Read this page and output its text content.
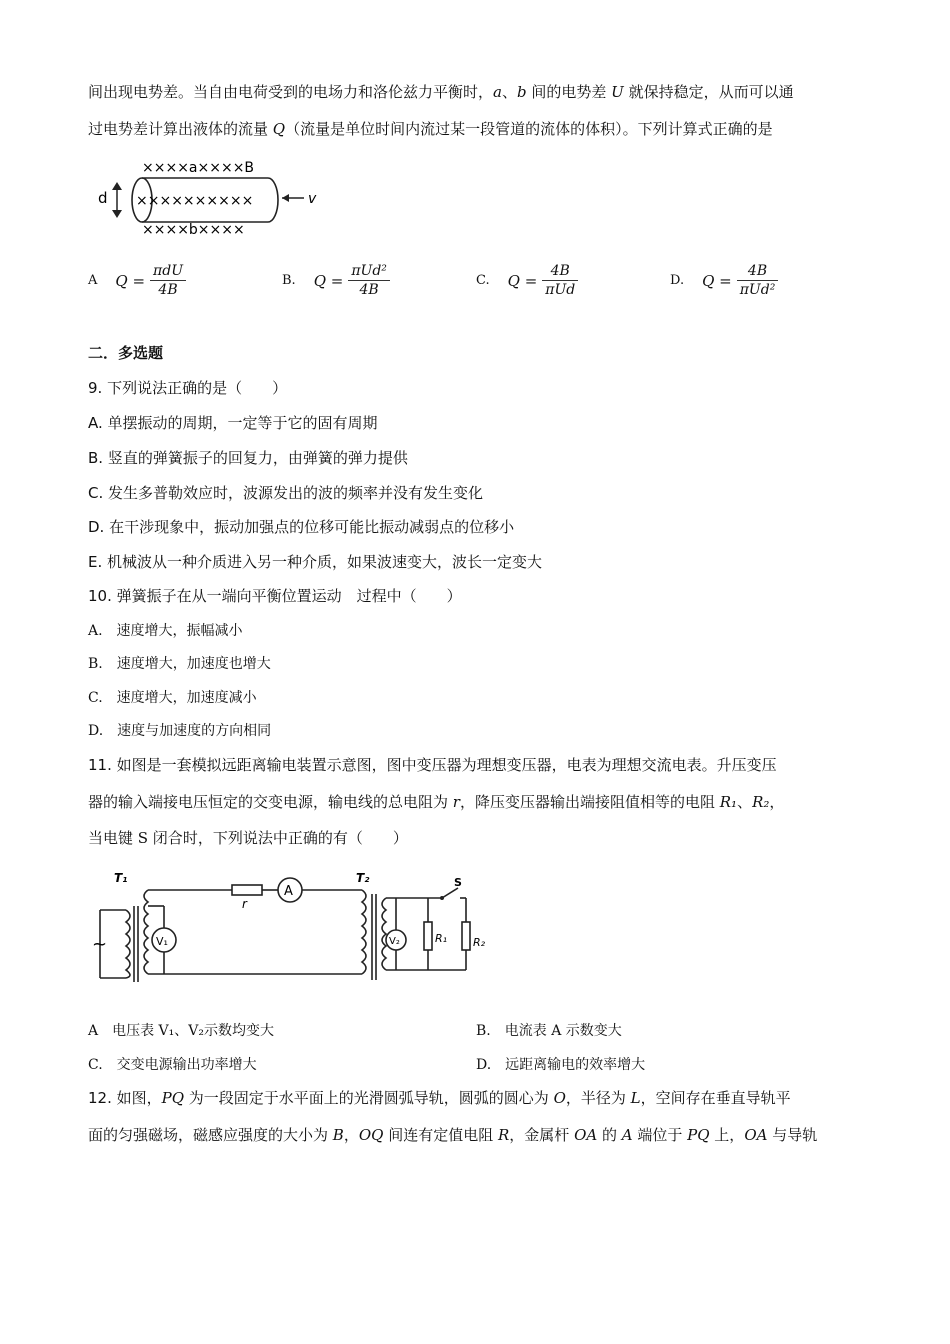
间出现电势差。当自由电荷受到的电场力和洛伦兹力平衡时，a、b 间的电势差 U 就保持稳定，从而可以通
过电势差计算出液体的流量 Q（流量是单位时间内流过某一段管道的流体的体积）。下列计算式正确的是
××××a××××B
d ××××××××××	v
××××b××××
A $Q = \frac{\text{πdU}}{4B}$	B. $Q = \frac{\text{πUd²}}{4B}$	C. $Q = \frac{4B}{\text{πUd}}$	D. $Q = \frac{4B}{\text{πUd²}}$
二．多选题
9. 下列说法正确的是（　　）
A. 单摆振动的周期，一定等于它的固有周期
B. 竖直的弹簧振子的回复力，由弹簧的弹力提供
C. 发生多普勒效应时，波源发出的波的频率并没有发生变化
D. 在干涉现象中，振动加强点的位移可能比振动减弱点的位移小
E. 机械波从一种介质进入另一种介质，如果波速变大，波长一定变大
10. 弹簧振子在从一端向平衡位置运动　过程中（　　）
A.　速度增大，振幅减小
B.　速度增大，加速度也增大
C.　速度增大，加速度减小
D.　速度与加速度的方向相同
11. 如图是一套模拟远距离输电装置示意图，图中变压器为理想变压器，电表为理想交流电表。升压变压
器的输入端接电压恒定的交变电源，输电线的总电阻为 r，降压变压器输出端接阻值相等的电阻 R₁、R₂，
当电键 S 闭合时，下列说法中正确的有（　　）
T₁	T₂
r
A
V₁	V₂	R₁ R₂
S
~
A　电压表 V₁、V₂示数均变大	B.　电流表 A 示数变大
C.　交变电源输出功率增大	D.　远距离输电的效率增大
12. 如图，PQ 为一段固定于水平面上的光滑圆弧导轨，圆弧的圆心为 O，半径为 L，空间存在垂直导轨平
面的匀强磁场，磁感应强度的大小为 B，OQ 间连有定值电阻 R，金属杆 OA 的 A 端位于 PQ 上，OA 与导轨
